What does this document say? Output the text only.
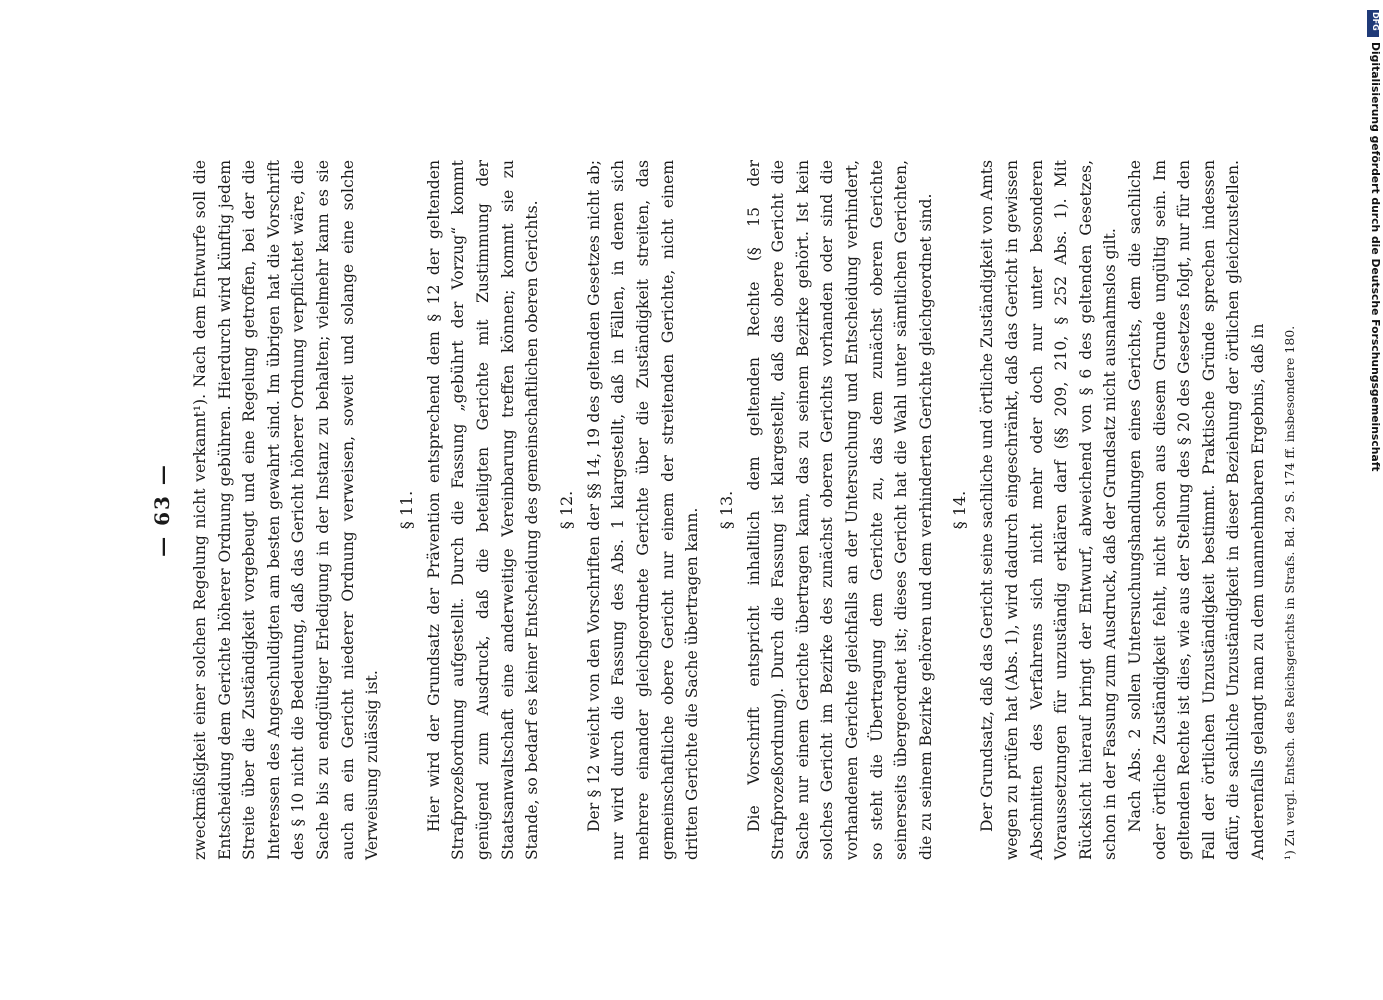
— 63 — zweckmäßigkeit einer solchen Regelung nicht verkannt¹). Nach dem Entwurfe soll die Entscheidung dem Gerichte höherer Ordnung gebühren. Hierdurch wird künftig jedem Streite über die Zuständigkeit vorgebeugt und eine Regelung getroffen, bei der die Interessen des Angeschuldigten am besten gewahrt sind. Im übrigen hat die Vorschrift des § 10 nicht die Bedeutung, daß das Gericht höherer Ordnung verpflichtet wäre, die Sache bis zu endgültiger Erledigung in der Instanz zu behalten; vielmehr kann es sie auch an ein Gericht niederer Ordnung verweisen, soweit und solange eine solche Verweisung zulässig ist.
§ 11. Hier wird der Grundsatz der Prävention entsprechend dem § 12 der geltenden Strafprozeßordnung aufgestellt. Durch die Fassung „gebührt der Vorzug“ kommt genügend zum Ausdruck, daß die beteiligten Gerichte mit Zustimmung der Staatsanwaltschaft eine anderweitige Vereinbarung treffen können; kommt sie zu Stande, so bedarf es keiner Entscheidung des gemeinschaftlichen oberen Gerichts. § 12. Der § 12 weicht von den Vorschriften der §§ 14, 19 des geltenden Gesetzes nicht ab; nur wird durch die Fassung des Abs. 1 klargestellt, daß in Fällen, in denen sich mehrere einander gleichgeordnete Gerichte über die Zuständigkeit streiten, das gemeinschaftliche obere Gericht nur einem der streitenden Gerichte, nicht einem dritten Gerichte die Sache übertragen kann. § 13. Die Vorschrift entspricht inhaltlich dem geltenden Rechte (§ 15 der Strafprozeßordnung). Durch die Fassung ist klargestellt, daß das obere Gericht die Sache nur einem Gerichte übertragen kann, das zu seinem Bezirke gehört. Ist kein solches Gericht im Bezirke des zunächst oberen Gerichts vorhanden oder sind die vorhandenen Gerichte gleichfalls an der Untersuchung und Entscheidung verhindert, so steht die Übertragung dem Gerichte zu, das dem zunächst oberen Gerichte seinerseits übergeordnet ist; dieses Gericht hat die Wahl unter sämtlichen Gerichten, die zu seinem Bezirke gehören und dem verhinderten Gerichte gleichgeordnet sind. § 14. Der Grundsatz, daß das Gericht seine sachliche und örtliche Zuständigkeit von Amts wegen zu prüfen hat (Abs. 1), wird dadurch eingeschränkt, daß das Gericht in gewissen Abschnitten des Verfahrens sich nicht mehr oder doch nur unter besonderen Voraussetzungen für unzuständig erklären darf (§§ 209, 210, § 252 Abs. 1). Mit Rücksicht hierauf bringt der Entwurf, abweichend von § 6 des geltenden Gesetzes, schon in der Fassung zum Ausdruck, daß der Grundsatz nicht ausnahmslos gilt. Nach Abs. 2 sollen Untersuchungshandlungen eines Gerichts, dem die sachliche oder örtliche Zuständigkeit fehlt, nicht schon aus diesem Grunde ungültig sein. Im geltenden Rechte ist dies, wie aus der Stellung des § 20 des Gesetzes folgt, nur für den Fall der örtlichen Unzuständigkeit bestimmt. Praktische Gründe sprechen indessen dafür, die sachliche Unzuständigkeit in dieser Beziehung der örtlichen gleichzustellen. Anderenfalls gelangt man zu dem unannehmbaren Ergebnis, daß in ¹) Zu vergl. Entsch. des Reichsgerichts in Strafs. Bd. 29 S. 174 ff. insbesondere 180.
DFG
Digitalisierung gefördert durch die Deutsche Forschungsgemeinschaft
